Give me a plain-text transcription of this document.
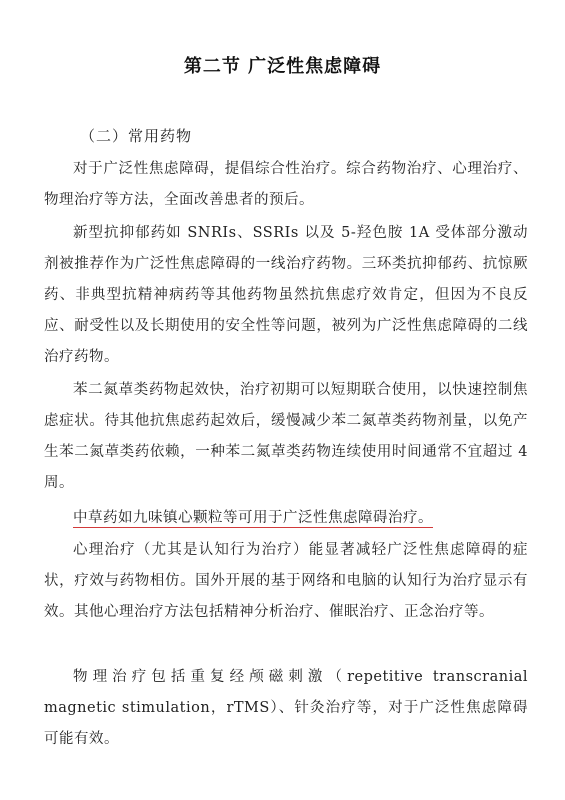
第二节 广泛性焦虑障碍
（二）常用药物
对于广泛性焦虑障碍，提倡综合性治疗。综合药物治疗、心理治疗、物理治疗等方法，全面改善患者的预后。
新型抗抑郁药如 SNRIs、SSRIs 以及 5-羟色胺 1A 受体部分激动剂被推荐作为广泛性焦虑障碍的一线治疗药物。三环类抗抑郁药、抗惊厥药、非典型抗精神病药等其他药物虽然抗焦虑疗效肯定，但因为不良反应、耐受性以及长期使用的安全性等问题，被列为广泛性焦虑障碍的二线治疗药物。
苯二氮䓬类药物起效快，治疗初期可以短期联合使用，以快速控制焦虑症状。待其他抗焦虑药起效后，缓慢减少苯二氮䓬类药物剂量，以免产生苯二氮䓬类药依赖，一种苯二氮䓬类药物连续使用时间通常不宜超过 4 周。
中草药如九味镇心颗粒等可用于广泛性焦虑障碍治疗。
心理治疗（尤其是认知行为治疗）能显著减轻广泛性焦虑障碍的症状，疗效与药物相仿。国外开展的基于网络和电脑的认知行为治疗显示有效。其他心理治疗方法包括精神分析治疗、催眠治疗、正念治疗等。
物理治疗包括重复经颅磁刺激（repetitive transcranial magnetic stimulation，rTMS）、针灸治疗等，对于广泛性焦虑障碍可能有效。
